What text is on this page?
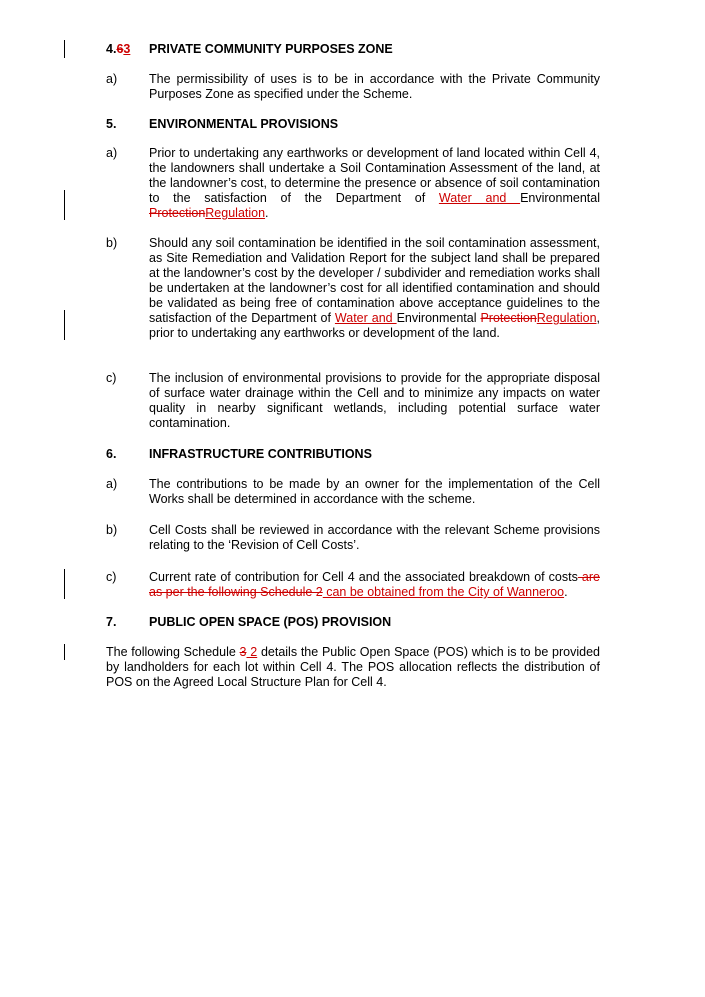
4.63 PRIVATE COMMUNITY PURPOSES ZONE
a)	The permissibility of uses is to be in accordance with the Private Community Purposes Zone as specified under the Scheme.
5.	ENVIRONMENTAL PROVISIONS
a)	Prior to undertaking any earthworks or development of land located within Cell 4, the landowners shall undertake a Soil Contamination Assessment of the land, at the landowner’s cost, to determine the presence or absence of soil contamination to the satisfaction of the Department of Water and Environmental ProtectionRegulation.
b)	Should any soil contamination be identified in the soil contamination assessment, as Site Remediation and Validation Report for the subject land shall be prepared at the landowner’s cost by the developer / subdivider and remediation works shall be undertaken at the landowner’s cost for all identified contamination and should be validated as being free of contamination above acceptance guidelines to the satisfaction of the Department of Water and Environmental ProtectionRegulation, prior to undertaking any earthworks or development of the land.
c)	The inclusion of environmental provisions to provide for the appropriate disposal of surface water drainage within the Cell and to minimize any impacts on water quality in nearby significant wetlands, including potential surface water contamination.
6.	INFRASTRUCTURE CONTRIBUTIONS
a)	The contributions to be made by an owner for the implementation of the Cell Works shall be determined in accordance with the scheme.
b)	Cell Costs shall be reviewed in accordance with the relevant Scheme provisions relating to the ‘Revision of Cell Costs’.
c)	Current rate of contribution for Cell 4 and the associated breakdown of costs are as per the following Schedule 2 can be obtained from the City of Wanneroo.
7.	PUBLIC OPEN SPACE (POS) PROVISION
The following Schedule 3 2 details the Public Open Space (POS) which is to be provided by landholders for each lot within Cell 4. The POS allocation reflects the distribution of POS on the Agreed Local Structure Plan for Cell 4.
